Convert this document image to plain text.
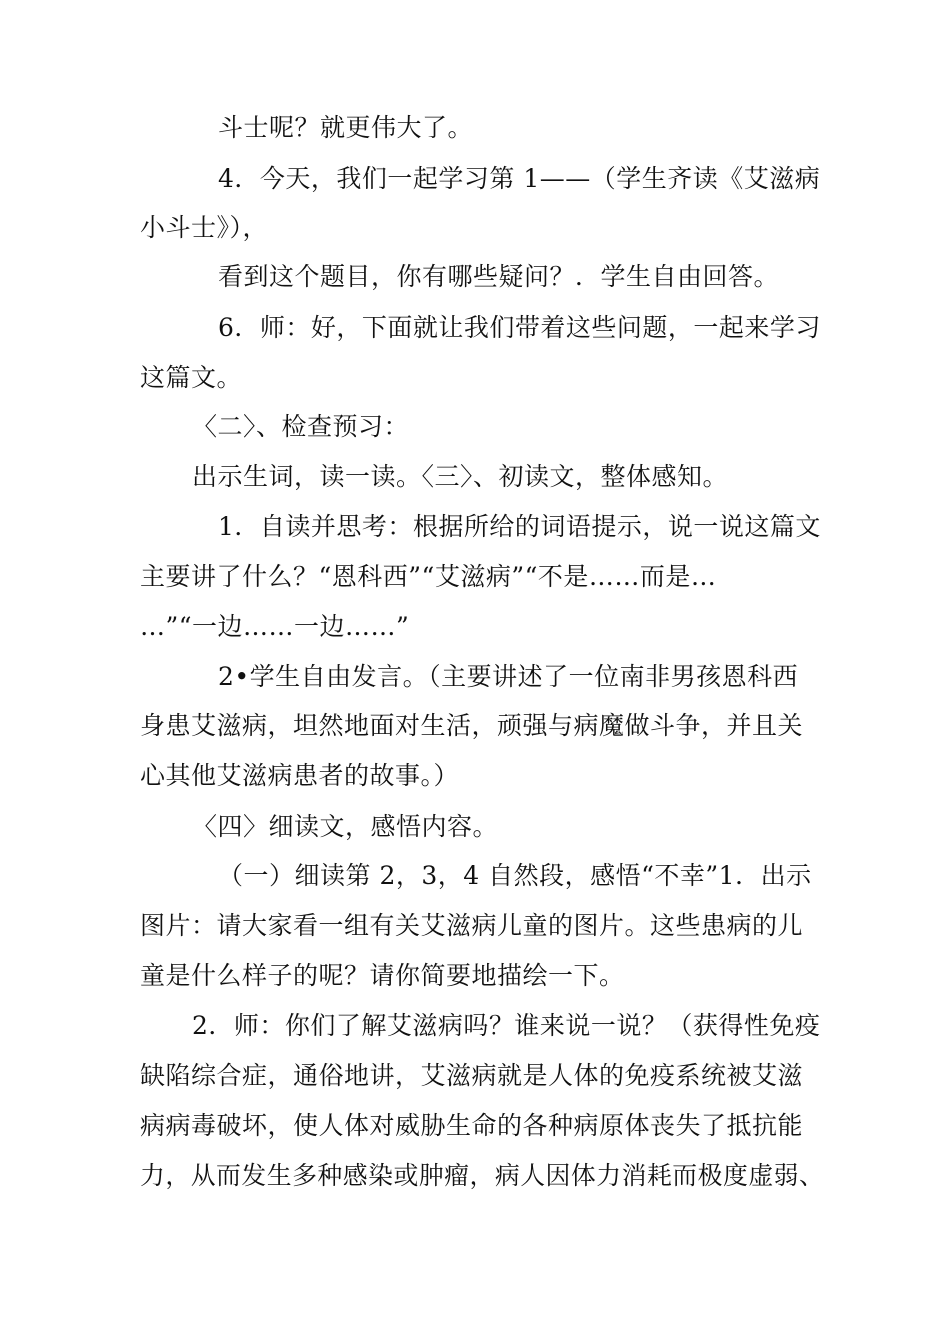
斗士呢？就更伟大了。
4．今天，我们一起学习第 1——（学生齐读《艾滋病
小斗士》），
看到这个题目，你有哪些疑问？．学生自由回答。
6．师：好，下面就让我们带着这些问题，一起来学习
这篇文。
〈二〉、检查预习：
出示生词，读一读。〈三〉、初读文，整体感知。
1．自读并思考：根据所给的词语提示，说一说这篇文
主要讲了什么？“恩科西”“艾滋病”“不是……而是…
…”“一边……一边……”
2•学生自由发言。（主要讲述了一位南非男孩恩科西
身患艾滋病，坦然地面对生活，顽强与病魔做斗争，并且关
心其他艾滋病患者的故事。）
〈四〉细读文，感悟内容。
（一）细读第 2，3，4 自然段，感悟“不幸”1．出示
图片：请大家看一组有关艾滋病儿童的图片。这些患病的儿
童是什么样子的呢？请你简要地描绘一下。
2．师：你们了解艾滋病吗？谁来说一说？（获得性免疫
缺陷综合症，通俗地讲，艾滋病就是人体的免疫系统被艾滋
病病毒破坏，使人体对威胁生命的各种病原体丧失了抵抗能
力，从而发生多种感染或肿瘤，病人因体力消耗而极度虚弱、
